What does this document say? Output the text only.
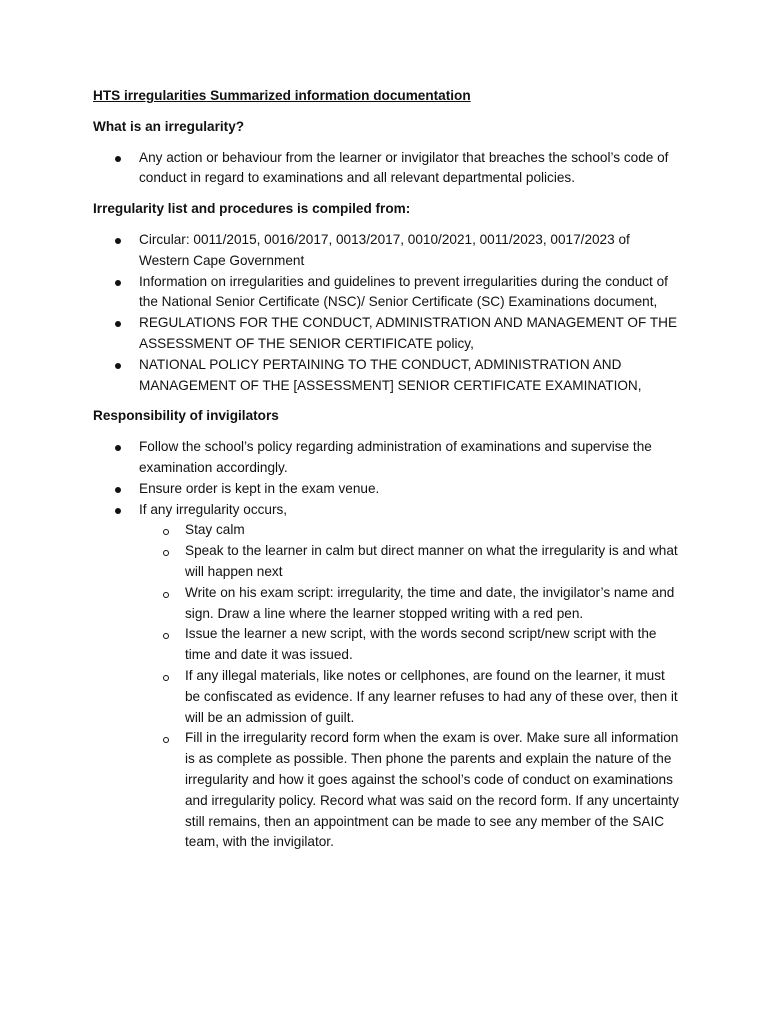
HTS irregularities Summarized information documentation
What is an irregularity?
Any action or behaviour from the learner or invigilator that breaches the school’s code of conduct in regard to examinations and all relevant departmental policies.
Irregularity list and procedures is compiled from:
Circular: 0011/2015, 0016/2017, 0013/2017, 0010/2021, 0011/2023, 0017/2023 of Western Cape Government
Information on irregularities and guidelines to prevent irregularities during the conduct of the National Senior Certificate (NSC)/ Senior Certificate (SC) Examinations document,
REGULATIONS FOR THE CONDUCT, ADMINISTRATION AND MANAGEMENT OF THE ASSESSMENT OF THE SENIOR CERTIFICATE policy,
NATIONAL POLICY PERTAINING TO THE CONDUCT, ADMINISTRATION AND MANAGEMENT OF THE [ASSESSMENT] SENIOR CERTIFICATE EXAMINATION,
Responsibility of invigilators
Follow the school’s policy regarding administration of examinations and supervise the examination accordingly.
Ensure order is kept in the exam venue.
If any irregularity occurs,
Stay calm
Speak to the learner in calm but direct manner on what the irregularity is and what will happen next
Write on his exam script: irregularity, the time and date, the invigilator’s name and sign. Draw a line where the learner stopped writing with a red pen.
Issue the learner a new script, with the words second script/new script with the time and date it was issued.
If any illegal materials, like notes or cellphones, are found on the learner, it must be confiscated as evidence. If any learner refuses to had any of these over, then it will be an admission of guilt.
Fill in the irregularity record form when the exam is over. Make sure all information is as complete as possible. Then phone the parents and explain the nature of the irregularity and how it goes against the school’s code of conduct on examinations and irregularity policy. Record what was said on the record form. If any uncertainty still remains, then an appointment can be made to see any member of the SAIC team, with the invigilator.
